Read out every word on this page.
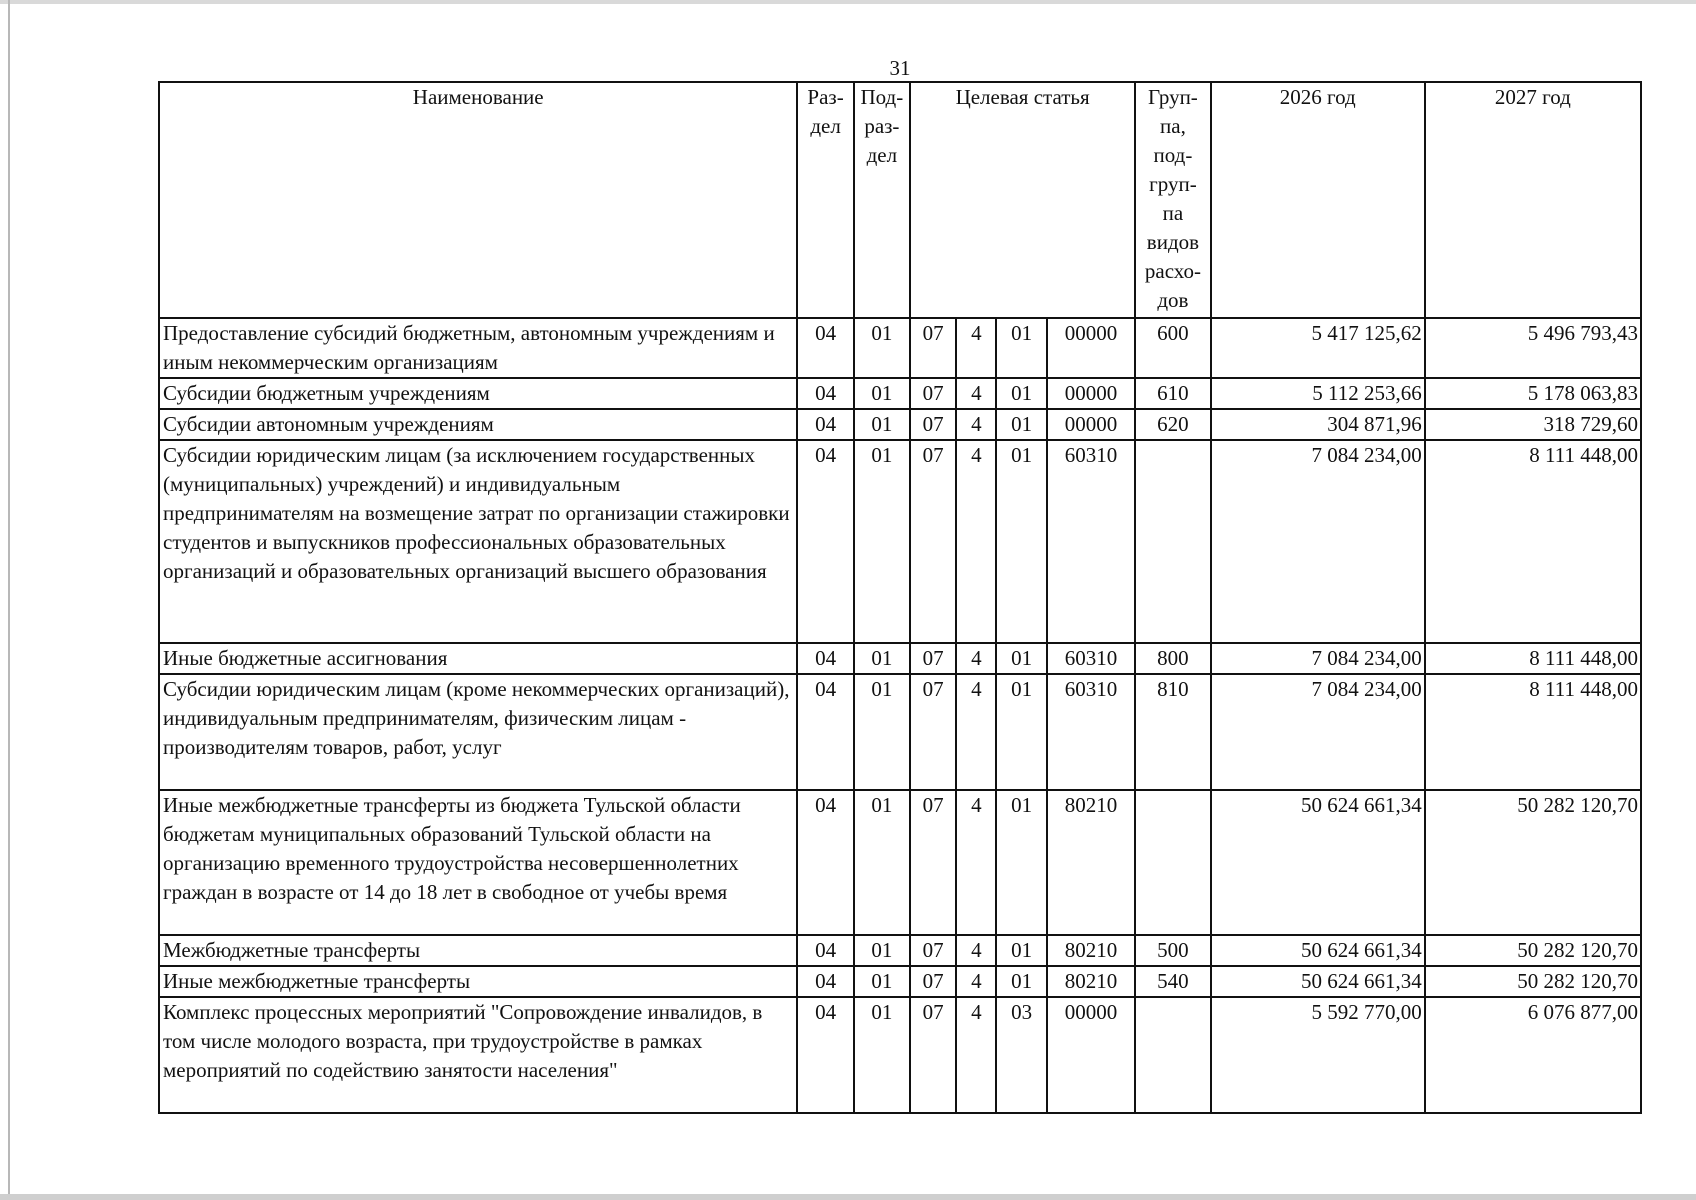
31
Наименование	Раз- дел	Под- раз- дел	Целевая статья				Груп- па, под- груп- па видов расхо- дов	2026 год	2027 год
Предоставление субсидий бюджетным, автономным учреждениям и иным некоммерческим организациям	04	01	07	4	01	00000	600	5 417 125,62	5 496 793,43
Субсидии бюджетным учреждениям	04	01	07	4	01	00000	610	5 112 253,66	5 178 063,83
Субсидии автономным учреждениям	04	01	07	4	01	00000	620	304 871,96	318 729,60
Субсидии юридическим лицам (за исключением государственных (муниципальных) учреждений) и индивидуальным предпринимателям на возмещение затрат по организации стажировки студентов и выпускников профессиональных образовательных организаций и образовательных организаций высшего образования	04	01	07	4	01	60310		7 084 234,00	8 111 448,00
Иные бюджетные ассигнования	04	01	07	4	01	60310	800	7 084 234,00	8 111 448,00
Субсидии юридическим лицам (кроме некоммерческих организаций), индивидуальным предпринимателям, физическим лицам - производителям товаров, работ, услуг	04	01	07	4	01	60310	810	7 084 234,00	8 111 448,00
Иные межбюджетные трансферты из бюджета Тульской области бюджетам муниципальных образований Тульской области на организацию временного трудоустройства несовершеннолетних граждан в возрасте от 14 до 18 лет в свободное от учебы время	04	01	07	4	01	80210		50 624 661,34	50 282 120,70
Межбюджетные трансферты	04	01	07	4	01	80210	500	50 624 661,34	50 282 120,70
Иные межбюджетные трансферты	04	01	07	4	01	80210	540	50 624 661,34	50 282 120,70
Комплекс процессных мероприятий "Сопровождение инвалидов, в том числе молодого возраста, при трудоустройстве в рамках мероприятий по содействию занятости населения"	04	01	07	4	03	00000		5 592 770,00	6 076 877,00
